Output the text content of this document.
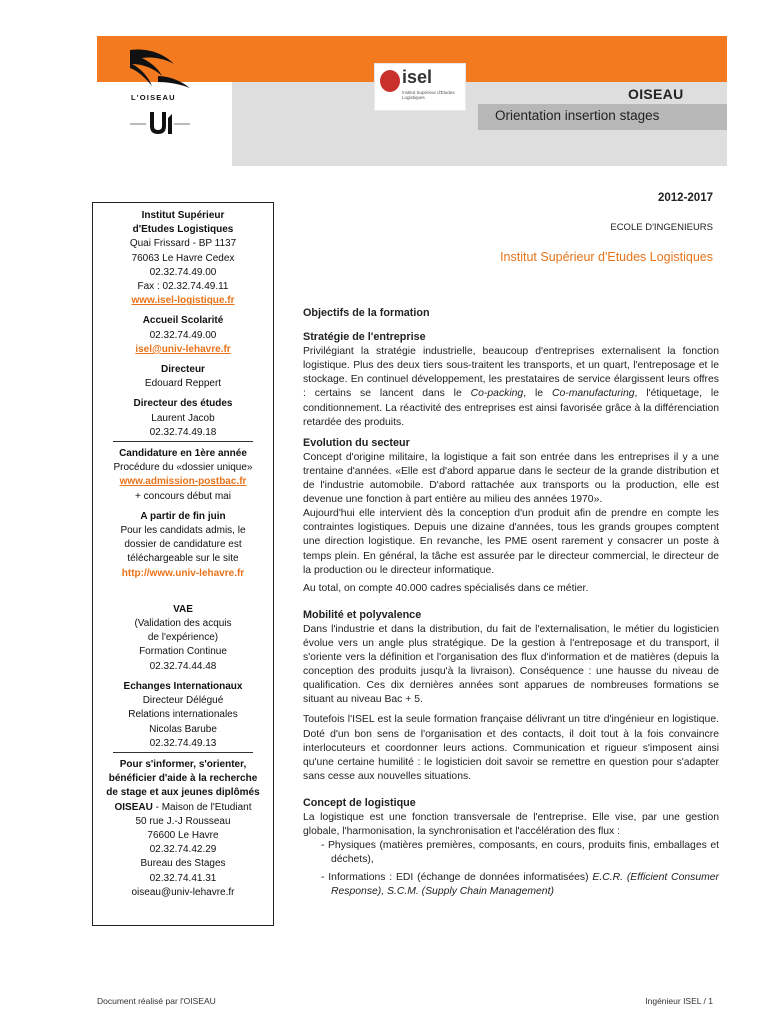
L'OISEAU
isel
Institut Supérieur d'Etudes Logistiques	OISEAU
Orientation insertion stages
2012-2017
ECOLE D'INGENIEURS
Institut Supérieur d'Etudes Logistiques
Institut Supérieur
d'Etudes Logistiques
Quai Frissard - BP 1137
76063 Le Havre Cedex
02.32.74.49.00
Fax : 02.32.74.49.11
www.isel-logistique.fr
Accueil Scolarité
02.32.74.49.00
isel@univ-lehavre.fr
Directeur
Edouard Reppert
Directeur des études
Laurent Jacob
02.32.74.49.18
Candidature en 1ère année
Procédure du «dossier unique»
www.admission-postbac.fr
+ concours début mai
A partir de fin juin
Pour les candidats admis, le
dossier de candidature est
téléchargeable sur le site
http://www.univ-lehavre.fr
VAE
(Validation des acquis
de l'expérience)
Formation Continue
02.32.74.44.48
Echanges Internationaux
Directeur Délégué
Relations internationales
Nicolas Barube
02.32.74.49.13
Pour s'informer, s'orienter,
bénéficier d'aide à la recherche
de stage et aux jeunes diplômés
OISEAU - Maison de l'Etudiant
50 rue J.-J Rousseau
76600 Le Havre
02.32.74.42.29
Bureau des Stages
02.32.74.41.31
oiseau@univ-lehavre.fr
Objectifs de la formation
Stratégie de l'entreprise

Privilégiant la stratégie industrielle, beaucoup d'entreprises externalisent la fonction logistique. Plus des deux tiers sous-traitent les transports, et un quart, l'entreposage et le stockage. En continuel développement, les prestataires de service élargissent leurs offres : certains se lancent dans le Co-packing, le Co-manufacturing, l'étiquetage, le conditionnement. La réactivité des entreprises est ainsi favorisée grâce à la différenciation retardée des produits.

Evolution du secteur

Concept d'origine militaire, la logistique a fait son entrée dans les entreprises il y a une trentaine d'années. «Elle est d'abord apparue dans le secteur de la grande distribution et de l'industrie automobile. D'abord rattachée aux transports ou la production, elle est devenue une fonction à part entière au milieu des années 1970».

Aujourd'hui elle intervient dès la conception d'un produit afin de prendre en compte les contraintes logistiques. Depuis une dizaine d'années, tous les grands groupes comptent une direction logistique. En revanche, les PME osent rarement y consacrer un poste à temps plein. En général, la tâche est assurée par le directeur commercial, le directeur de la production ou le directeur informatique.

Au total, on compte 40.000 cadres spécialisés dans ce métier.

Mobilité et polyvalence

Dans l'industrie et dans la distribution, du fait de l'externalisation, le métier du logisticien évolue vers un angle plus stratégique. De la gestion à l'entreposage et du transport, il s'oriente vers la définition et l'organisation des flux d'information et de matières (depuis la conception des produits jusqu'à la livraison). Conséquence : une hausse du niveau de qualification. Ces dix dernières années sont apparues de nombreuses formations se situant au niveau Bac + 5.

Toutefois l'ISEL est la seule formation française délivrant un titre d'ingénieur en logistique. Doté d'un bon sens de l'organisation et des contacts, il doit tout à la fois convaincre interlocuteurs et coordonner leurs actions. Communication et rigueur s'imposent ainsi qu'une certaine humilité : le logisticien doit savoir se remettre en question pour s'adapter sans cesse aux nouvelles situations.

Concept de logistique

La logistique est une fonction transversale de l'entreprise. Elle vise, par une gestion globale, l'harmonisation, la synchronisation et l'accélération des flux :

- Physiques (matières premières, composants, en cours, produits finis, emballages et déchets),

- Informations : EDI (échange de données informatisées) E.C.R. (Efficient Consumer Response), S.C.M. (Supply Chain Management)

Document réalisé par l'OISEAU	Ingénieur ISEL / 1
